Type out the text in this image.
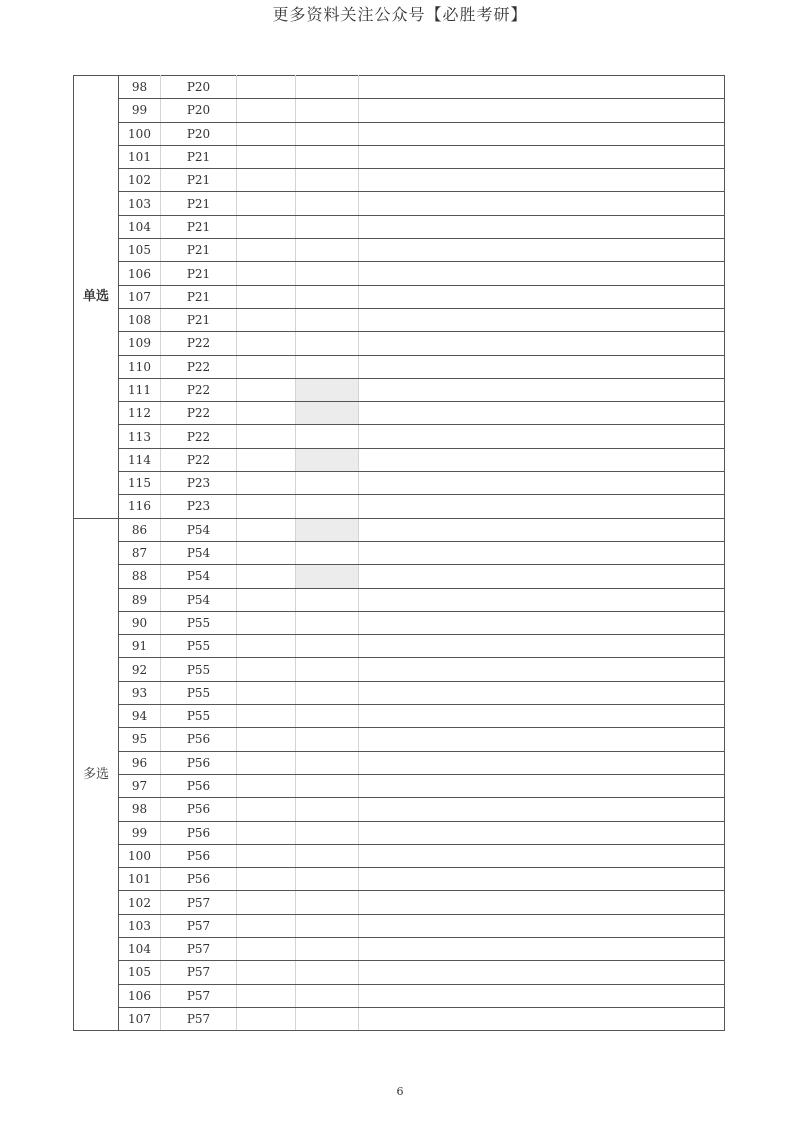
更多资料关注公众号【必胜考研】
单选	98	P20			
	99	P20			
	100	P20			
	101	P21			
	102	P21			
	103	P21			
	104	P21			
	105	P21			
	106	P21			
	107	P21			
	108	P21			
	109	P22			
	110	P22			
	111	P22			
	112	P22			
	113	P22			
	114	P22			
	115	P23			
	116	P23			
多选	86	P54			
	87	P54			
	88	P54			
	89	P54			
	90	P55			
	91	P55			
	92	P55			
	93	P55			
	94	P55			
	95	P56			
	96	P56			
	97	P56			
	98	P56			
	99	P56			
	100	P56			
	101	P56			
	102	P57			
	103	P57			
	104	P57			
	105	P57			
	106	P57			
	107	P57			
6
